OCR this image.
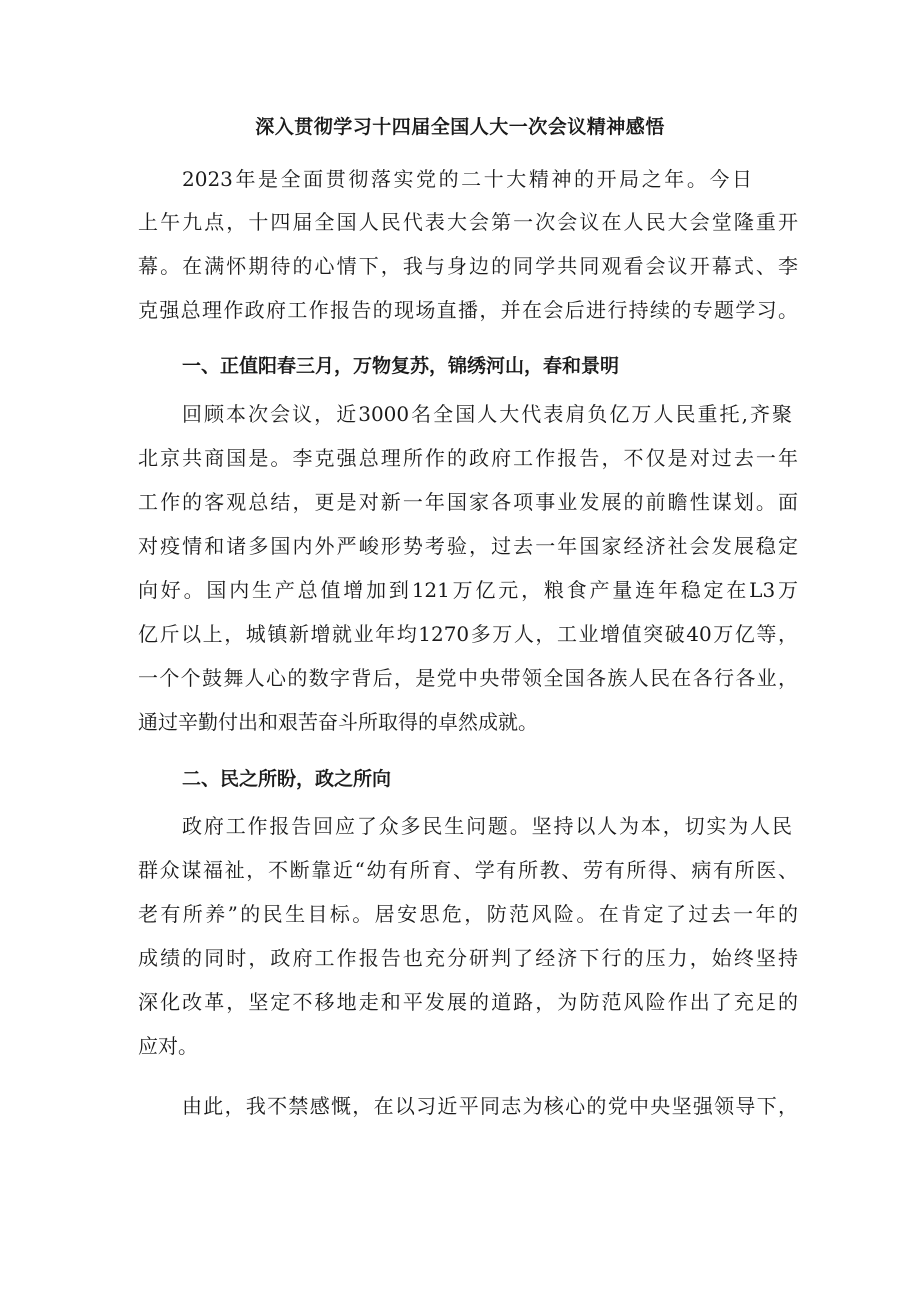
深入贯彻学习十四届全国人大一次会议精神感悟
2023年是全面贯彻落实党的二十大精神的开局之年。今日
上午九点，十四届全国人民代表大会第一次会议在人民大会堂隆重开
幕。在满怀期待的心情下，我与身边的同学共同观看会议开幕式、李
克强总理作政府工作报告的现场直播，并在会后进行持续的专题学习。
一、正值阳春三月，万物复苏，锦绣河山，春和景明
回顾本次会议，近3000名全国人大代表肩负亿万人民重托,齐聚
北京共商国是。李克强总理所作的政府工作报告，不仅是对过去一年
工作的客观总结，更是对新一年国家各项事业发展的前瞻性谋划。面
对疫情和诸多国内外严峻形势考验，过去一年国家经济社会发展稳定
向好。国内生产总值增加到121万亿元，粮食产量连年稳定在L3万
亿斤以上，城镇新增就业年均1270多万人，工业增值突破40万亿等，
一个个鼓舞人心的数字背后，是党中央带领全国各族人民在各行各业，
通过辛勤付出和艰苦奋斗所取得的卓然成就。
二、民之所盼，政之所向
政府工作报告回应了众多民生问题。坚持以人为本，切实为人民
群众谋福祉，不断靠近“幼有所育、学有所教、劳有所得、病有所医、
老有所养”的民生目标。居安思危，防范风险。在肯定了过去一年的
成绩的同时，政府工作报告也充分研判了经济下行的压力，始终坚持
深化改革，坚定不移地走和平发展的道路，为防范风险作出了充足的
应对。
由此，我不禁感慨，在以习近平同志为核心的党中央坚强领导下，
